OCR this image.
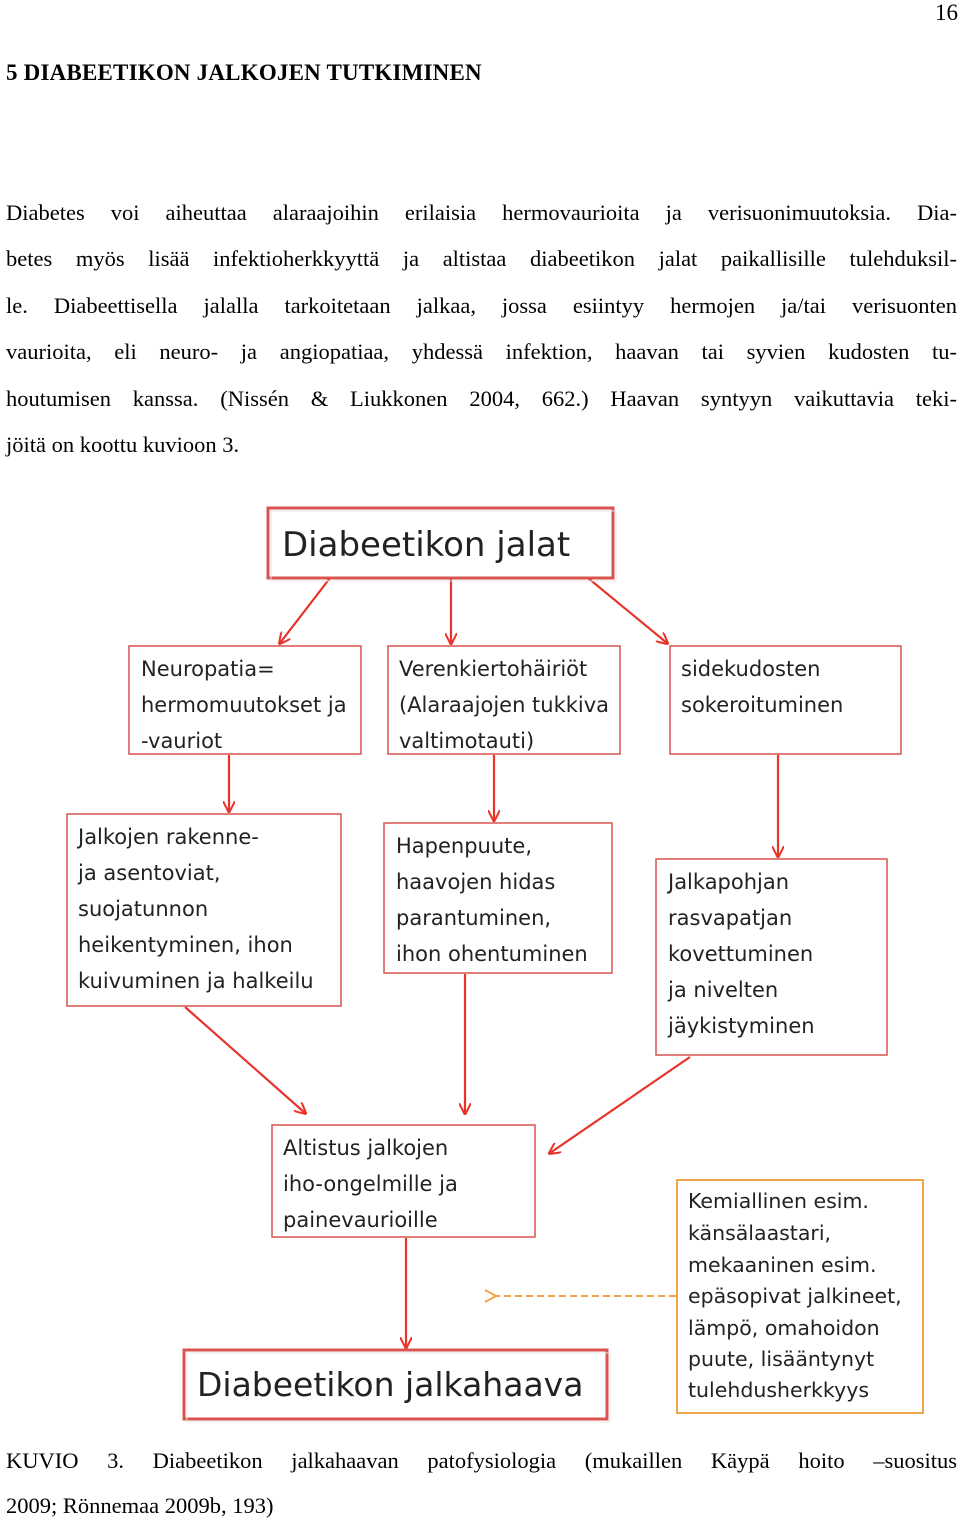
16
5 DIABEETIKON JALKOJEN TUTKIMINEN
Diabetes voi aiheuttaa alaraajoihin erilaisia hermovaurioita ja verisuonimuutoksia. Dia-
betes myös lisää infektioherkkyyttä ja altistaa diabeetikon jalat paikallisille tulehduksil-
le. Diabeettisella jalalla tarkoitetaan jalkaa, jossa esiintyy hermojen ja/tai verisuonten
vaurioita, eli neuro- ja angiopatiaa, yhdessä infektion, haavan tai syvien kudosten tu-
houtumisen kanssa. (Nissén & Liukkonen 2004, 662.) Haavan syntyyn vaikuttavia teki-
jöitä on koottu kuvioon 3.
Diabeetikon jalat
Neuropatia= hermomuutokset ja -vauriot
Verenkiertohäiriöt (Alaraajojen tukkiva valtimotauti)
sidekudosten sokeroituminen
Jalkojen rakenne- ja asentoviat, suojatunnon heikentyminen, ihon kuivuminen ja halkeilu
Hapenpuute, haavojen hidas parantuminen, ihon ohentuminen
Jalkapohjan rasvapatjan kovettuminen ja nivelten jäykistyminen
Altistus jalkojen iho-ongelmille ja painevaurioille
Kemiallinen esim. känsälaastari, mekaaninen esim. epäsopivat jalkineet, lämpö, omahoidon puute, lisääntynyt tulehdusherkkyys
Diabeetikon jalkahaava
KUVIO 3. Diabeetikon jalkahaavan patofysiologia (mukaillen Käypä hoito –suositus
2009; Rönnemaa 2009b, 193)
